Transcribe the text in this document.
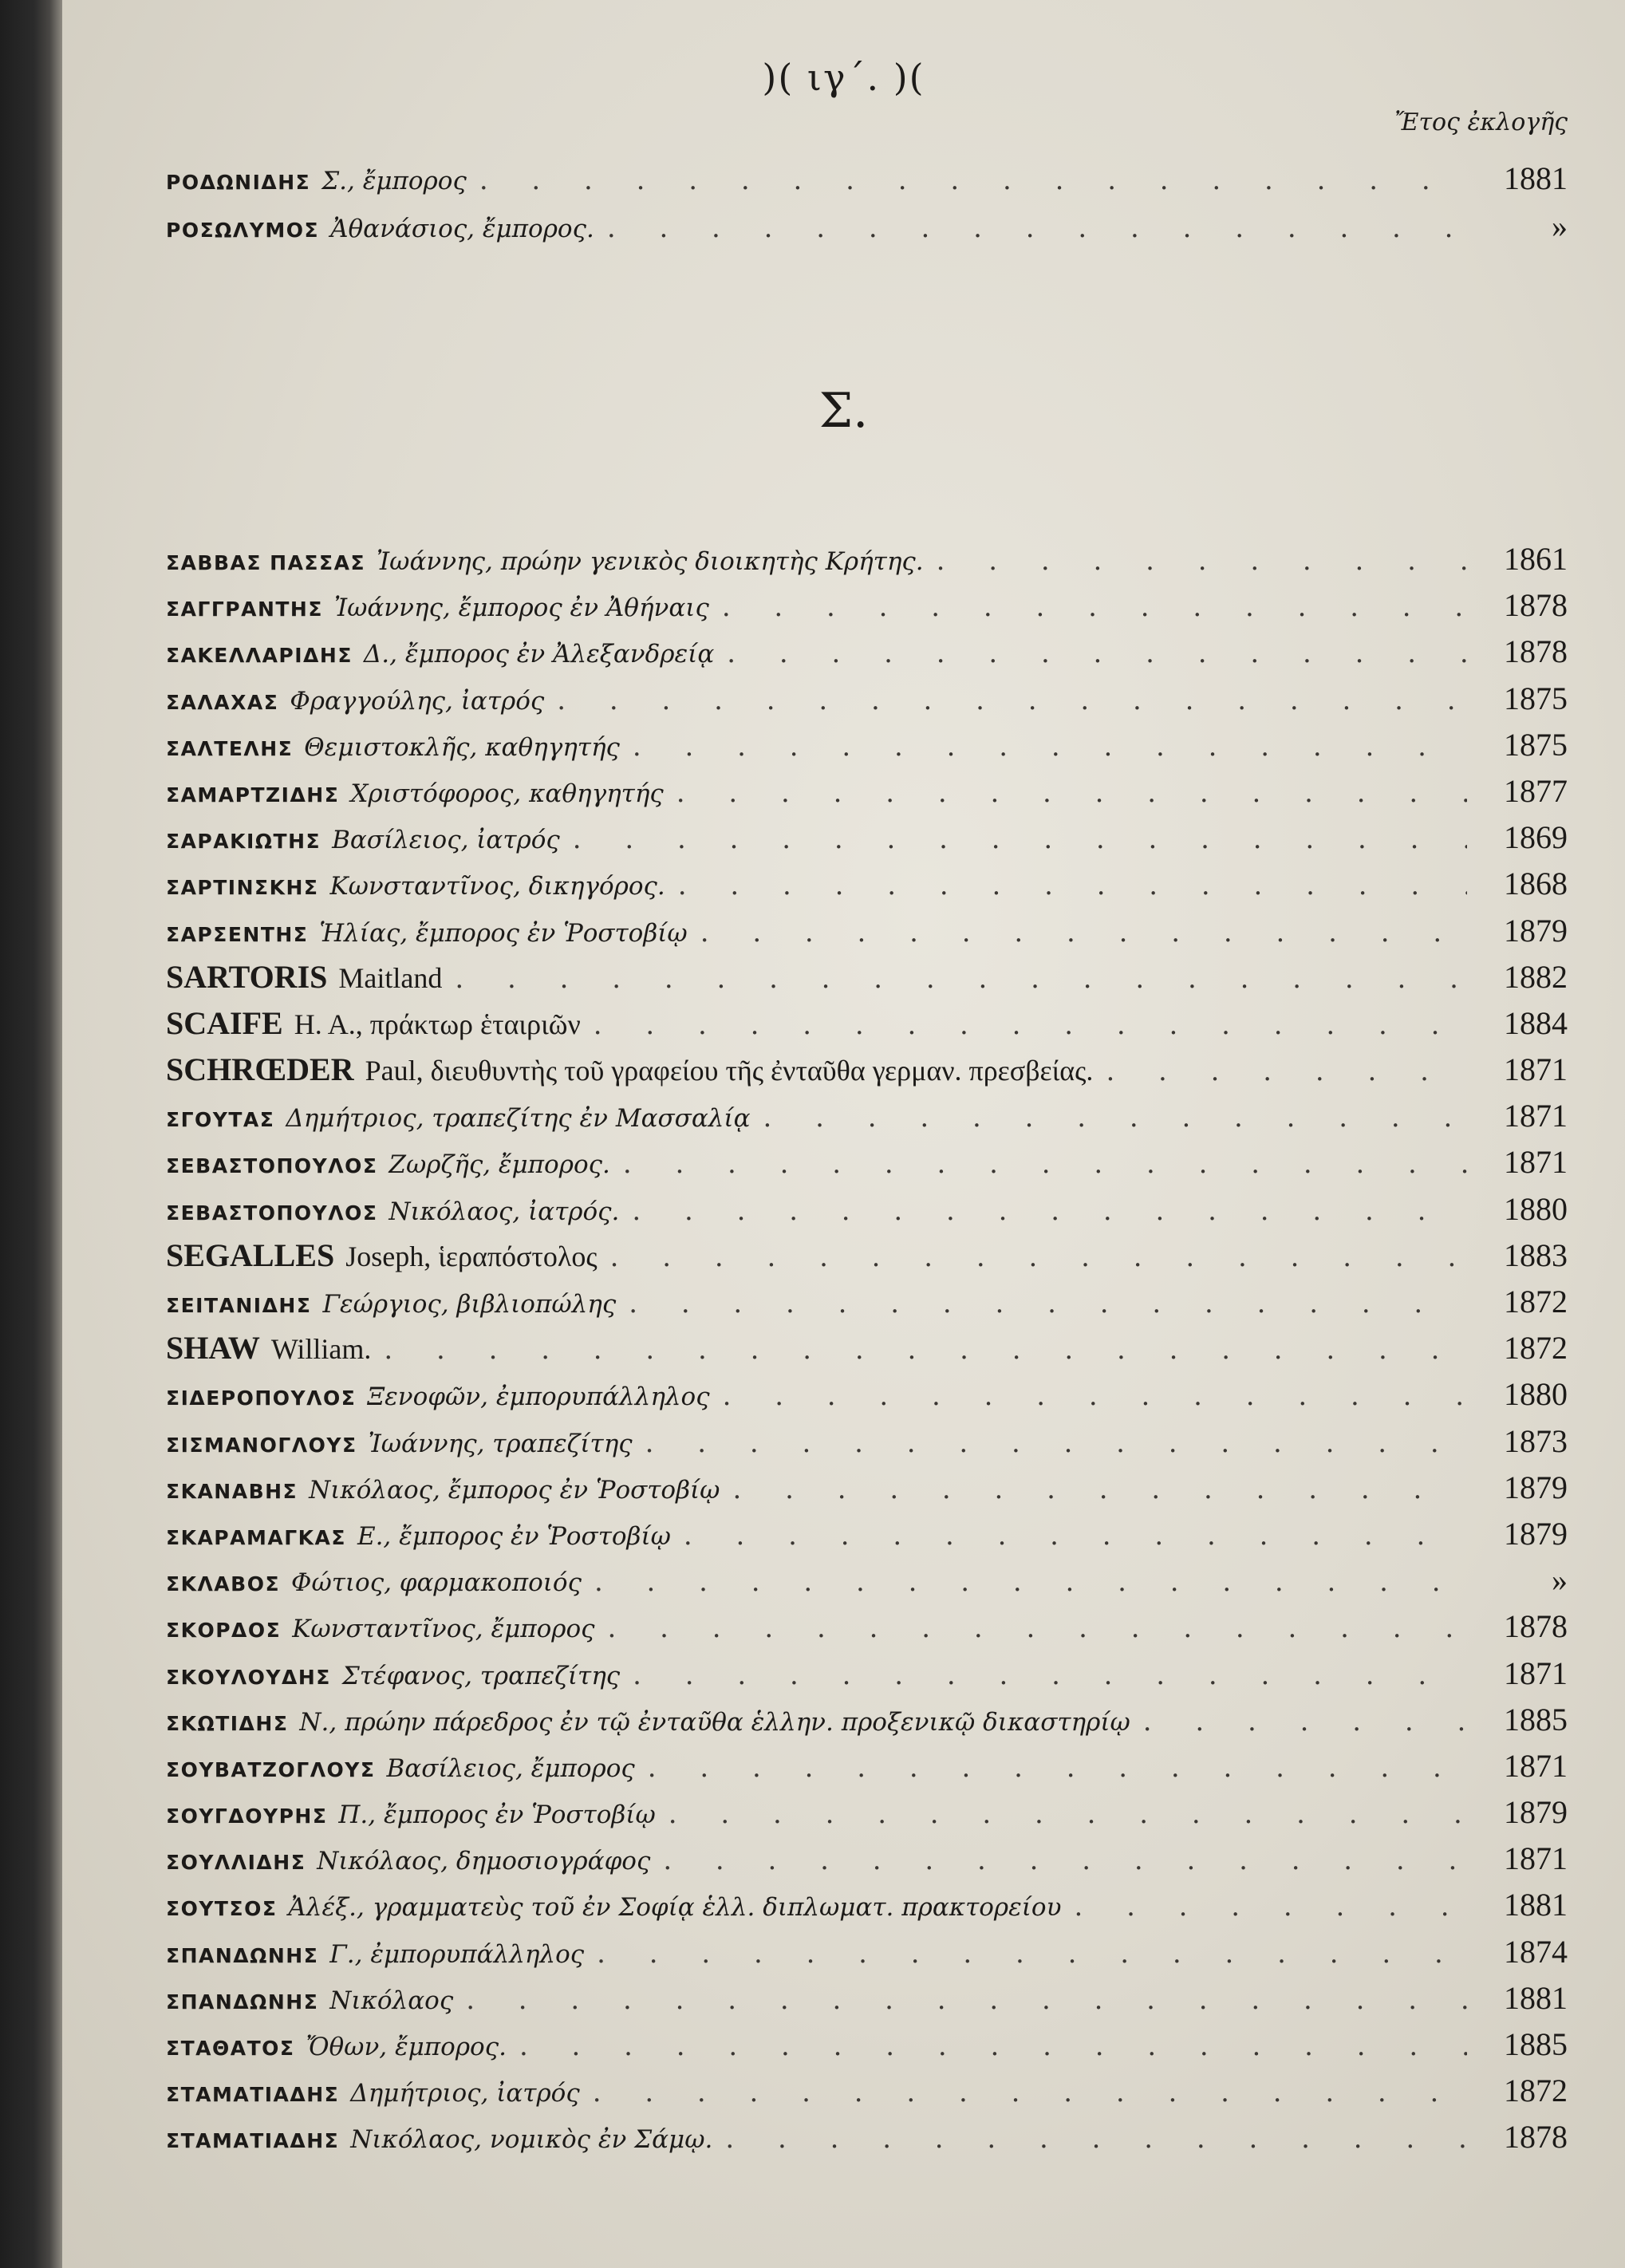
)( ιγ΄. )(
Ἔτος ἐκλογῆς
ΡΟΔΩΝΙΔΗΣ Σ., ἔμπορος . . .	1881
ΡΟΣΩΛΥΜΟΣ Ἀθανάσιος, ἔμπορος. . . .	»
Σ.
ΣΑΒΒΑΣ ΠΑΣΣΑΣ Ἰωάννης, πρώην γενικὸς διοικητὴς Κρήτης. . . .	1861
ΣΑΓΓΡΑΝΤΗΣ Ἰωάννης, ἔμπορος ἐν Ἀθήναις . . .	1878
ΣΑΚΕΛΛΑΡΙΔΗΣ Δ., ἔμπορος ἐν Ἀλεξανδρείᾳ . . .	1878
ΣΑΛΑΧΑΣ Φραγγούλης, ἰατρός . . .	1875
ΣΑΛΤΕΛΗΣ Θεμιστοκλῆς, καθηγητής . . .	1875
ΣΑΜΑΡΤΖΙΔΗΣ Χριστόφορος, καθηγητής . . .	1877
ΣΑΡΑΚΙΩΤΗΣ Βασίλειος, ἰατρός . . .	1869
ΣΑΡΤΙΝΣΚΗΣ Κωνσταντῖνος, δικηγόρος. . . .	1868
ΣΑΡΣΕΝΤΗΣ Ἡλίας, ἔμπορος ἐν Ῥοστοβίῳ . . .	1879
SARTORIS Maitland . . .	1882
SCAIFE H. A., πράκτωρ ἑταιριῶν . . .	1884
SCHRŒDER Paul, διευθυντὴς τοῦ γραφείου τῆς ἐνταῦθα γερμαν. πρεσβείας. . . .	1871
ΣΓΟΥΤΑΣ Δημήτριος, τραπεζίτης ἐν Μασσαλίᾳ . . .	1871
ΣΕΒΑΣΤΟΠΟΥΛΟΣ Ζωρζῆς, ἔμπορος. . . .	1871
ΣΕΒΑΣΤΟΠΟΥΛΟΣ Νικόλαος, ἰατρός. . . .	1880
SEGALLES Joseph, ἱεραπόστολος . . .	1883
ΣΕΙΤΑΝΙΔΗΣ Γεώργιος, βιβλιοπώλης . . .	1872
SHAW William. . . .	1872
ΣΙΔΕΡΟΠΟΥΛΟΣ Ξενοφῶν, ἐμπορυπάλληλος . . .	1880
ΣΙΣΜΑΝΟΓΛΟΥΣ Ἰωάννης, τραπεζίτης . . .	1873
ΣΚΑΝΑΒΗΣ Νικόλαος, ἔμπορος ἐν Ῥοστοβίῳ . . .	1879
ΣΚΑΡΑΜΑΓΚΑΣ Ε., ἔμπορος ἐν Ῥοστοβίῳ . . .	1879
ΣΚΛΑΒΟΣ Φώτιος, φαρμακοποιός . . .	»
ΣΚΟΡΔΟΣ Κωνσταντῖνος, ἔμπορος . . .	1878
ΣΚΟΥΛΟΥΔΗΣ Στέφανος, τραπεζίτης . . .	1871
ΣΚΩΤΙΔΗΣ Ν., πρώην πάρεδρος ἐν τῷ ἐνταῦθα ἑλλην. προξενικῷ δικαστηρίῳ . . .	1885
ΣΟΥΒΑΤΖΟΓΛΟΥΣ Βασίλειος, ἔμπορος . . .	1871
ΣΟΥΓΔΟΥΡΗΣ Π., ἔμπορος ἐν Ῥοστοβίῳ . . .	1879
ΣΟΥΛΛΙΔΗΣ Νικόλαος, δημοσιογράφος . . .	1871
ΣΟΥΤΣΟΣ Ἀλέξ., γραμματεὺς τοῦ ἐν Σοφίᾳ ἑλλ. διπλωματ. πρακτορείου . . .	1881
ΣΠΑΝΔΩΝΗΣ Γ., ἐμπορυπάλληλος . . .	1874
ΣΠΑΝΔΩΝΗΣ Νικόλαος . . .	1881
ΣΤΑΘΑΤΟΣ Ὄθων, ἔμπορος. . . .	1885
ΣΤΑΜΑΤΙΑΔΗΣ Δημήτριος, ἰατρός . . .	1872
ΣΤΑΜΑΤΙΑΔΗΣ Νικόλαος, νομικὸς ἐν Σάμῳ. . . .	1878
